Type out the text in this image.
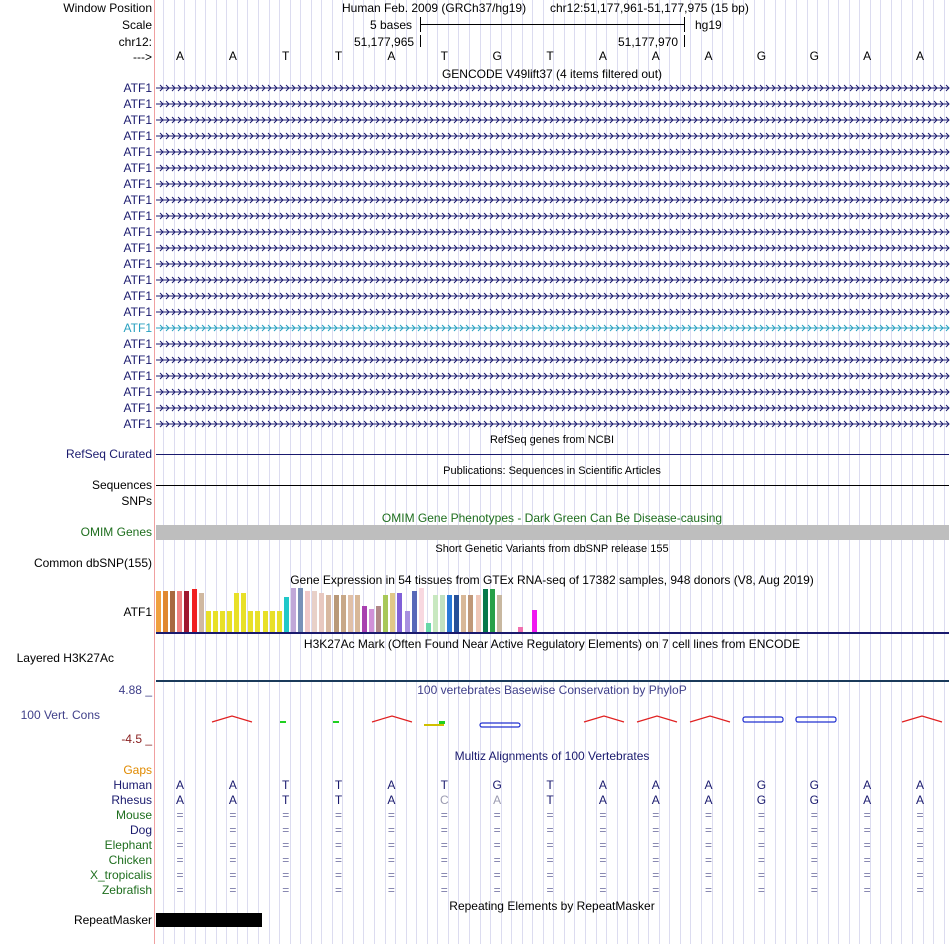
Window Position	Human Feb. 2009 (GRCh37/hg19) chr12:51,177,961-51,177,975 (15 bp)
Scale	5 bases	hg19
chr12:	51,177,965	51,177,970
--->	A	A	T	T	A	T	G	T	A	A	A	G	G	A	A
GENCODE V49lift37 (4 items filtered out)
ATF1
ATF1
ATF1
ATF1
ATF1
ATF1
ATF1
ATF1
ATF1
ATF1
ATF1
ATF1
ATF1
ATF1
ATF1
ATF1
ATF1
ATF1
ATF1
ATF1
ATF1
ATF1
RefSeq genes from NCBI
RefSeq Curated
Publications: Sequences in Scientific Articles
Sequences
SNPs
OMIM Gene Phenotypes - Dark Green Can Be Disease-causing
OMIM Genes
Short Genetic Variants from dbSNP release 155
Common dbSNP(155)
Gene Expression in 54 tissues from GTEx RNA-seq of 17382 samples, 948 donors (V8, Aug 2019)
ATF1
H3K27Ac Mark (Often Found Near Active Regulatory Elements) on 7 cell lines from ENCODE
Layered H3K27Ac
100 vertebrates Basewise Conservation by PhyloP
4.88 _
100 Vert. Cons
-4.5 _
Multiz Alignments of 100 Vertebrates
Gaps
Human	A	A	T	T	A	T	G	T	A	A	A	G	G	A	A
Rhesus	A	A	T	T	A	C	A	T	A	A	A	G	G	A	A
Mouse	=	=	=	=	=	=	=	=	=	=	=	=	=	=	=
Dog	=	=	=	=	=	=	=	=	=	=	=	=	=	=	=
Elephant	=	=	=	=	=	=	=	=	=	=	=	=	=	=	=
Chicken	=	=	=	=	=	=	=	=	=	=	=	=	=	=	=
X_tropicalis	=	=	=	=	=	=	=	=	=	=	=	=	=	=	=
Zebrafish	=	=	=	=	=	=	=	=	=	=	=	=	=	=	=
Repeating Elements by RepeatMasker
RepeatMasker
